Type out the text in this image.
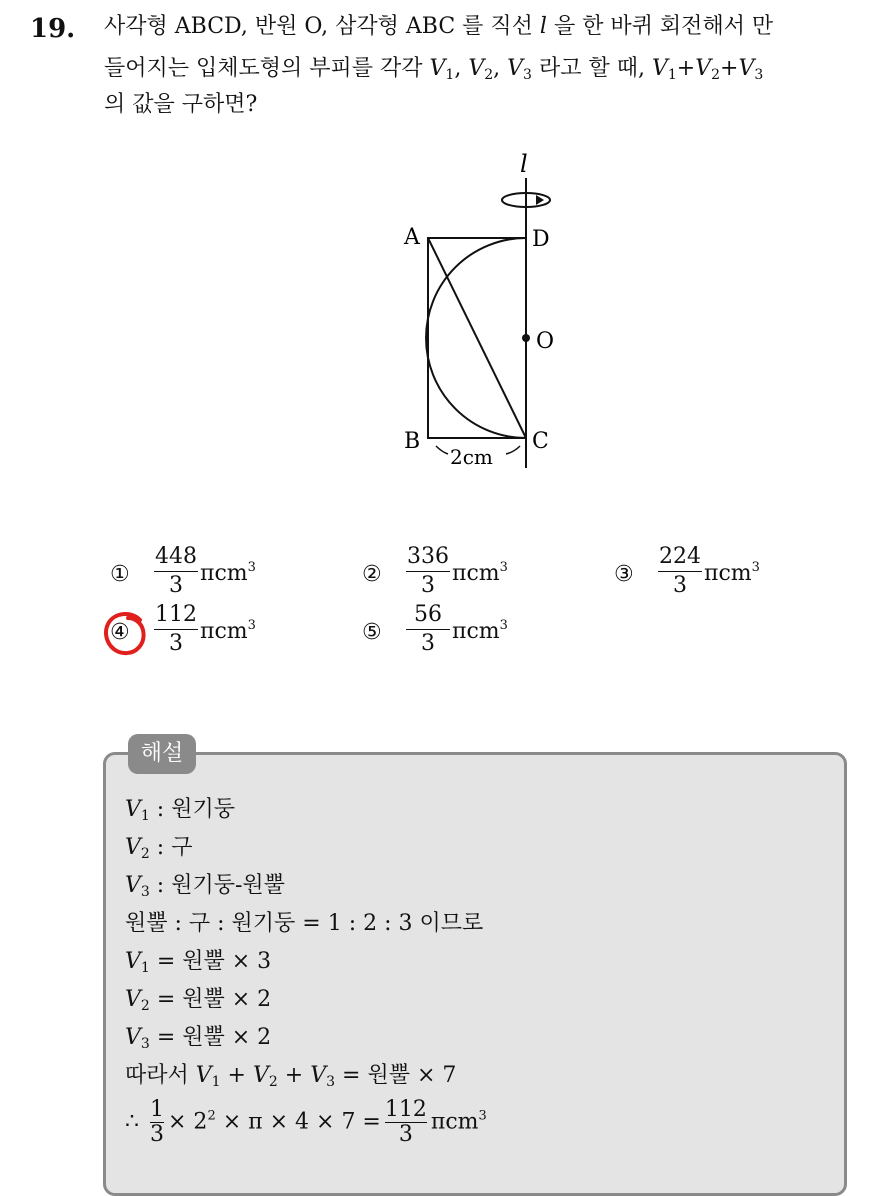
19. 사각형 ABCD, 반원 O, 삼각형 ABC 를 직선 l 을 한 바퀴 회전해서 만
들어지는 입체도형의 부피를 각각 $V_1$, $V_2$, $V_3$ 라고 할 때, $V_1+V_2+V_3$
의 값을 구하면?
l
A	D
O
B	C
2cm
①
448
3 πcm$^3$	②
336
3 πcm$^3$	③
224
3 πcm$^3$
④
112
3 πcm$^3$	⑤
56
3 πcm$^3$
해설
$V_1$ : 원기둥
$V_2$ : 구
$V_3$ : 원기둥-원뿔
원뿔 : 구 : 원기둥 = 1 : 2 : 3 이므로
$V_1$ = 원뿔 × 3
$V_2$ = 원뿔 × 2
$V_3$ = 원뿔 × 2
따라서 $V_1 + V_2 + V_3$ = 원뿔 × 7
∴ $\frac{1}{3} \times 2^2 \times \pi \times 4 \times 7 = \frac{112}{3} \pi cm^3$
